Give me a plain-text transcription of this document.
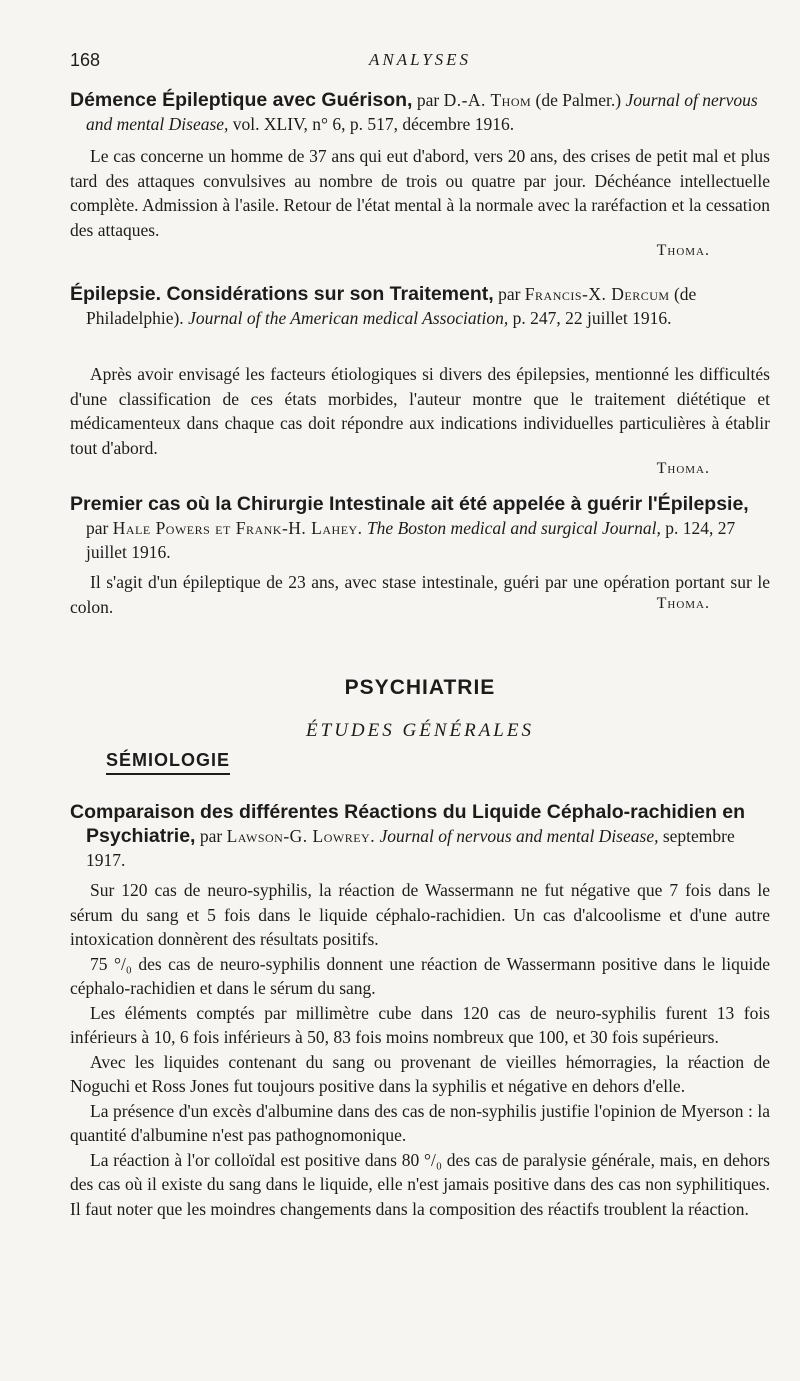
168	ANALYSES
Démence Épileptique avec Guérison, par D.-A. Thom (de Palmer.) Journal of nervous and mental Disease, vol. XLIV, n° 6, p. 517, décembre 1916.

Le cas concerne un homme de 37 ans qui eut d'abord, vers 20 ans, des crises de petit mal et plus tard des attaques convulsives au nombre de trois ou quatre par jour. Déchéance intellectuelle complète. Admission à l'asile. Retour de l'état mental à la normale avec la raréfaction et la cessation des attaques.

Thoma.
Épilepsie. Considérations sur son Traitement, par Francis-X. Dercum (de Philadelphie). Journal of the American medical Association, p. 247, 22 juillet 1916.

Après avoir envisagé les facteurs étiologiques si divers des épilepsies, mentionné les difficultés d'une classification de ces états morbides, l'auteur montre que le traitement diététique et médicamenteux dans chaque cas doit répondre aux indications individuelles particulières à établir tout d'abord.

Thoma.
Premier cas où la Chirurgie Intestinale ait été appelée à guérir l'Épilepsie, par Hale Powers et Frank-H. Lahey. The Boston medical and surgical Journal, p. 124, 27 juillet 1916.

Il s'agit d'un épileptique de 23 ans, avec stase intestinale, guéri par une opération portant sur le colon.	Thoma.
PSYCHIATRIE
ÉTUDES GÉNÉRALES
SÉMIOLOGIE
Comparaison des différentes Réactions du Liquide Céphalo-rachidien en Psychiatrie, par Lawson-G. Lowrey. Journal of nervous and mental Disease, septembre 1917.

Sur 120 cas de neuro-syphilis, la réaction de Wassermann ne fut négative que 7 fois dans le sérum du sang et 5 fois dans le liquide céphalo-rachidien. Un cas d'alcoolisme et d'une autre intoxication donnèrent des résultats positifs.

75 °/₀ des cas de neuro-syphilis donnent une réaction de Wassermann positive dans le liquide céphalo-rachidien et dans le sérum du sang.

Les éléments comptés par millimètre cube dans 120 cas de neuro-syphilis furent 13 fois inférieurs à 10, 6 fois inférieurs à 50, 83 fois moins nombreux que 100, et 30 fois supérieurs.

Avec les liquides contenant du sang ou provenant de vieilles hémorragies, la réaction de Noguchi et Ross Jones fut toujours positive dans la syphilis et négative en dehors d'elle.

La présence d'un excès d'albumine dans des cas de non-syphilis justifie l'opinion de Myerson : la quantité d'albumine n'est pas pathognomonique.

La réaction à l'or colloïdal est positive dans 80 °/₀ des cas de paralysie générale, mais, en dehors des cas où il existe du sang dans le liquide, elle n'est jamais positive dans des cas non syphilitiques. Il faut noter que les moindres changements dans la composition des réactifs troublent la réaction.
